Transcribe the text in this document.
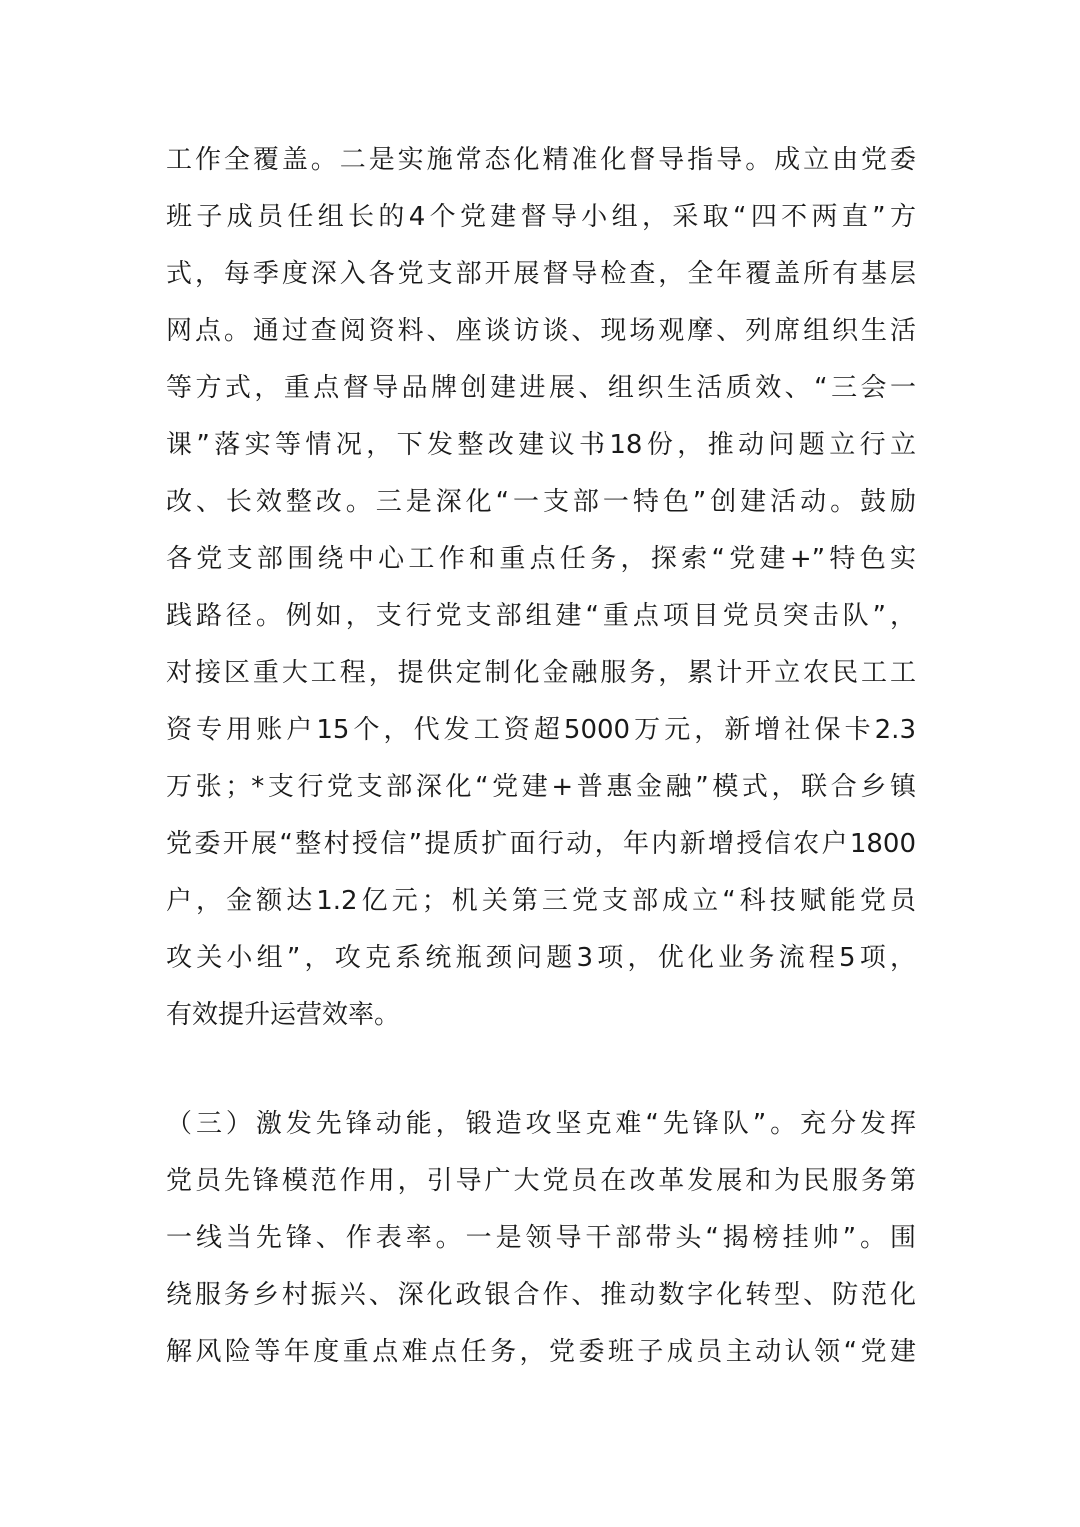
工作全覆盖。二是实施常态化精准化督导指导。成立由党委
班子成员任组长的4个党建督导小组，采取“四不两直”方
式，每季度深入各党支部开展督导检查，全年覆盖所有基层
网点。通过查阅资料、座谈访谈、现场观摩、列席组织生活
等方式，重点督导品牌创建进展、组织生活质效、“三会一
课”落实等情况，下发整改建议书18份，推动问题立行立
改、长效整改。三是深化“一支部一特色”创建活动。鼓励
各党支部围绕中心工作和重点任务，探索“党建+”特色实
践路径。例如，支行党支部组建“重点项目党员突击队”，
对接区重大工程，提供定制化金融服务，累计开立农民工工
资专用账户15个，代发工资超5000万元，新增社保卡2.3
万张；*支行党支部深化“党建+普惠金融”模式，联合乡镇
党委开展“整村授信”提质扩面行动，年内新增授信农户1800
户，金额达1.2亿元；机关第三党支部成立“科技赋能党员
攻关小组”，攻克系统瓶颈问题3项，优化业务流程5项，
有效提升运营效率。
（三）激发先锋动能，锻造攻坚克难“先锋队”。充分发挥
党员先锋模范作用，引导广大党员在改革发展和为民服务第
一线当先锋、作表率。一是领导干部带头“揭榜挂帅”。围
绕服务乡村振兴、深化政银合作、推动数字化转型、防范化
解风险等年度重点难点任务，党委班子成员主动认领“党建
